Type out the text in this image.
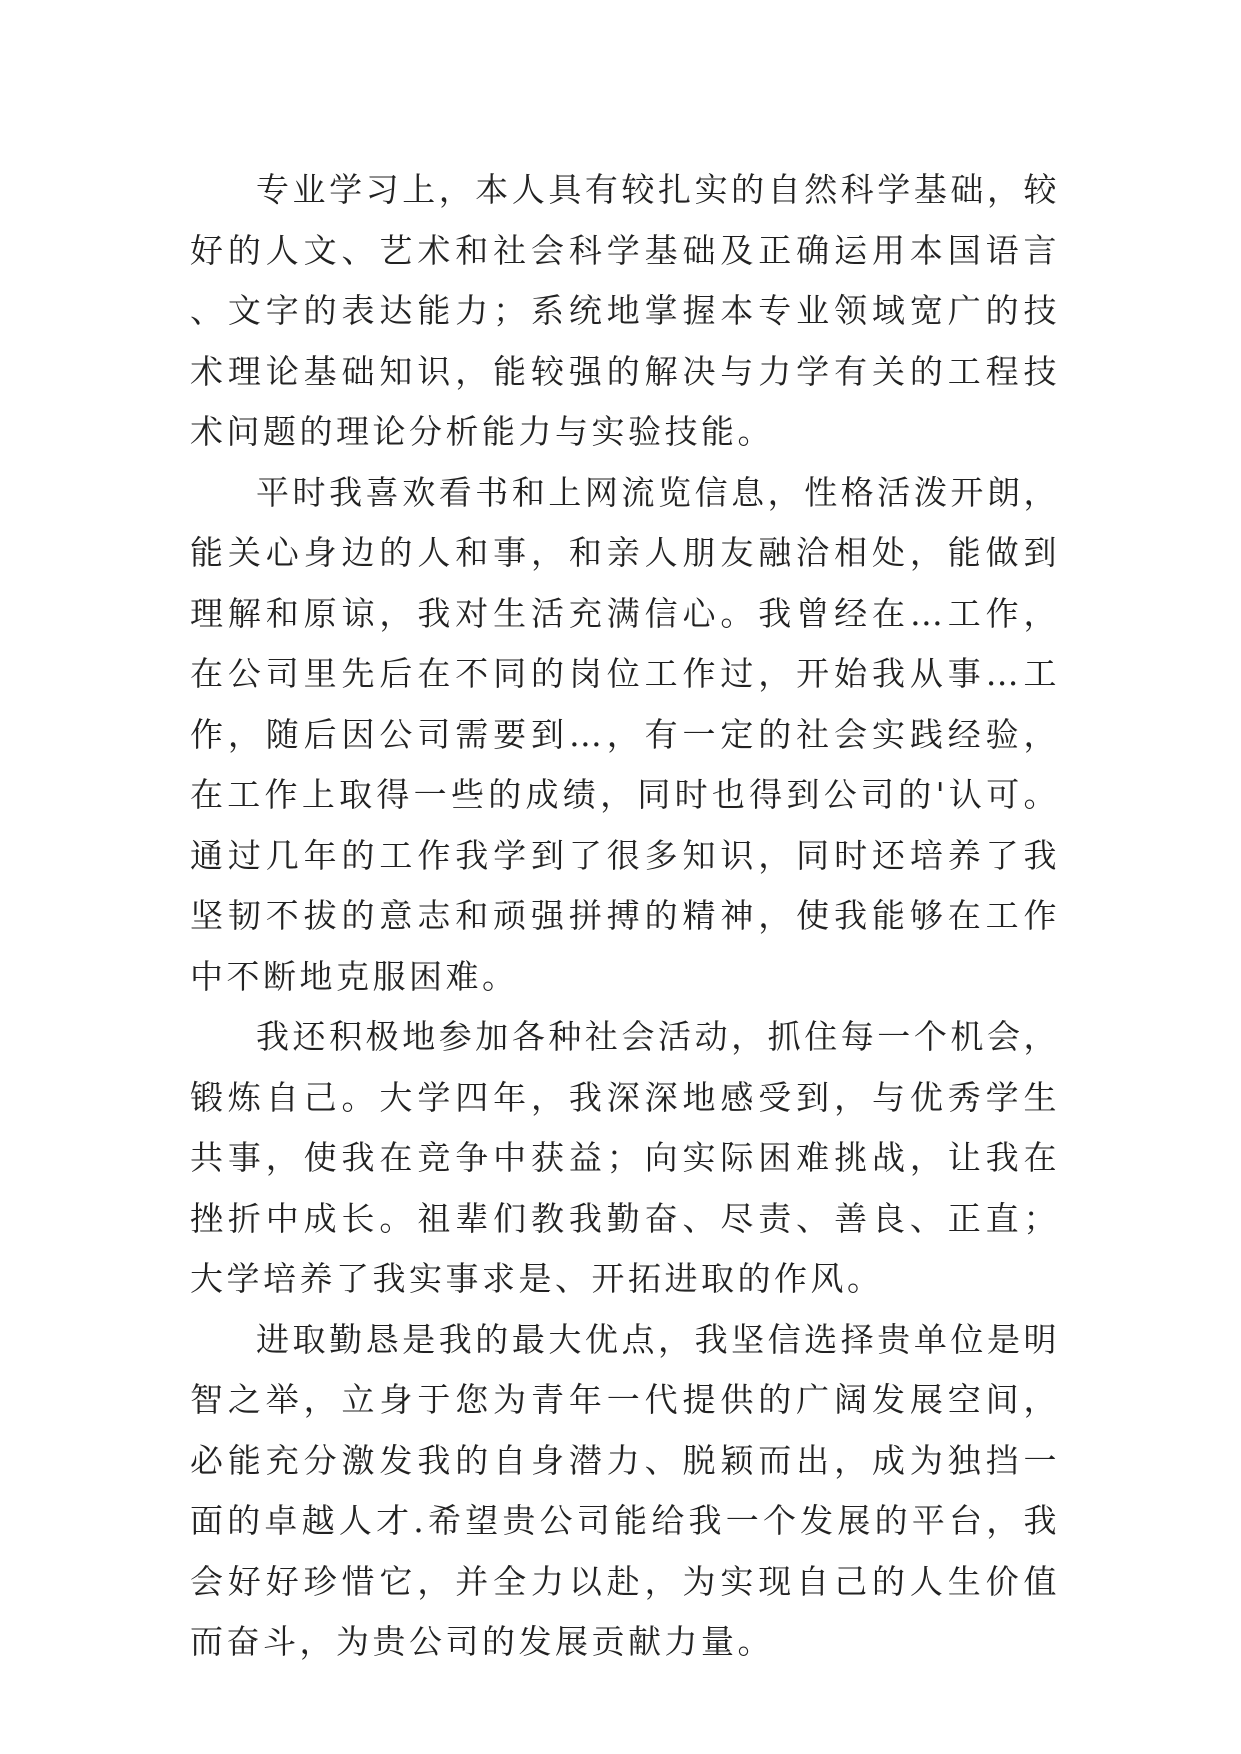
专业学习上，本人具有较扎实的自然科学基础，较好的人文、艺术和社会科学基础及正确运用本国语言、文字的表达能力；系统地掌握本专业领域宽广的技术理论基础知识，能较强的解决与力学有关的工程技术问题的理论分析能力与实验技能。

平时我喜欢看书和上网流览信息，性格活泼开朗，能关心身边的人和事，和亲人朋友融洽相处，能做到理解和原谅，我对生活充满信心。我曾经在…工作，在公司里先后在不同的岗位工作过，开始我从事…工作，随后因公司需要到…，有一定的社会实践经验，在工作上取得一些的成绩，同时也得到公司的'认可。通过几年的工作我学到了很多知识，同时还培养了我坚韧不拔的意志和顽强拼搏的精神，使我能够在工作中不断地克服困难。

我还积极地参加各种社会活动，抓住每一个机会，锻炼自己。大学四年，我深深地感受到，与优秀学生共事，使我在竞争中获益；向实际困难挑战，让我在挫折中成长。祖辈们教我勤奋、尽责、善良、正直；大学培养了我实事求是、开拓进取的作风。

进取勤恳是我的最大优点，我坚信选择贵单位是明智之举，立身于您为青年一代提供的广阔发展空间，必能充分激发我的自身潜力、脱颖而出，成为独挡一面的卓越人才.希望贵公司能给我一个发展的平台，我会好好珍惜它，并全力以赴，为实现自己的人生价值而奋斗，为贵公司的发展贡献力量。
